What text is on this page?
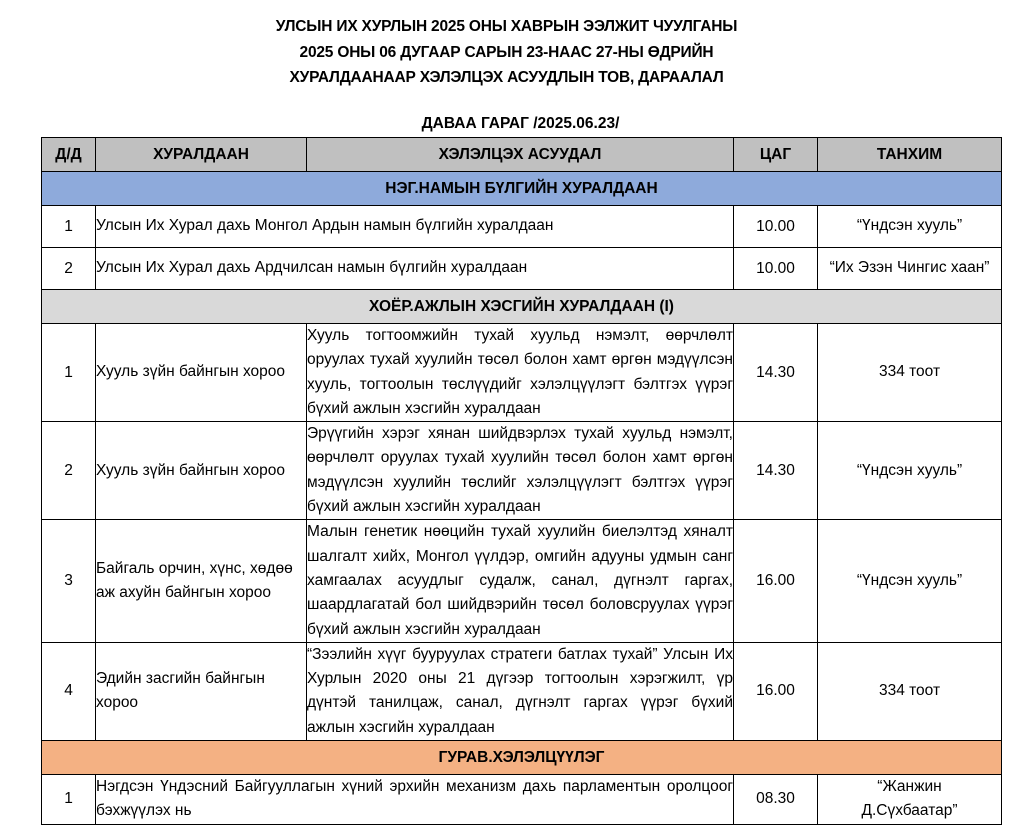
УЛСЫН ИХ ХУРЛЫН 2025 ОНЫ ХАВРЫН ЭЭЛЖИТ ЧУУЛГАНЫ
2025 ОНЫ 06 ДУГААР САРЫН 23-НААС 27-НЫ ӨДРИЙН
ХУРАЛДААНААР ХЭЛЭЛЦЭХ АСУУДЛЫН ТОВ, ДАРААЛАЛ
ДАВАА ГАРАГ /2025.06.23/
Д/Д	ХУРАЛДААН	ХЭЛЭЛЦЭХ АСУУДАЛ	ЦАГ	ТАНХИМ
НЭГ.НАМЫН БҮЛГИЙН ХУРАЛДААН				
1	Улсын Их Хурал дахь Монгол Ардын намын бүлгийн хуралдаан		10.00	“Үндсэн хууль”
2	Улсын Их Хурал дахь Ардчилсан намын бүлгийн хуралдаан		10.00	“Их Эзэн Чингис хаан”
ХОЁР.АЖЛЫН ХЭСГИЙН ХУРАЛДААН (I)				
1	Хууль зүйн байнгын хороо	Хууль тогтоомжийн тухай хуульд нэмэлт, өөрчлөлт оруулах тухай хуулийн төсөл болон хамт өргөн мэдүүлсэн хууль, тогтоолын төслүүдийг хэлэлцүүлэгт бэлтгэх үүрэг бүхий ажлын хэсгийн хуралдаан	14.30	334 тоот
2	Хууль зүйн байнгын хороо	Эрүүгийн хэрэг хянан шийдвэрлэх тухай хуульд нэмэлт, өөрчлөлт оруулах тухай хуулийн төсөл болон хамт өргөн мэдүүлсэн хуулийн төслийг хэлэлцүүлэгт бэлтгэх үүрэг бүхий ажлын хэсгийн хуралдаан	14.30	“Үндсэн хууль”
3	Байгаль орчин, хүнс, хөдөө аж ахуйн байнгын хороо	Малын генетик нөөцийн тухай хуулийн биелэлтэд хяналт шалгалт хийх, Монгол үүлдэр, омгийн адууны удмын санг хамгаалах асуудлыг судалж, санал, дүгнэлт гаргах, шаардлагатай бол шийдвэрийн төсөл боловсруулах үүрэг бүхий ажлын хэсгийн хуралдаан	16.00	“Үндсэн хууль”
4	Эдийн засгийн байнгын хороо	“Зээлийн хүүг бууруулах стратеги батлах тухай” Улсын Их Хурлын 2020 оны 21 дүгээр тогтоолын хэрэгжилт, үр дүнтэй танилцаж, санал, дүгнэлт гаргах үүрэг бүхий ажлын хэсгийн хуралдаан	16.00	334 тоот
ГУРАВ.ХЭЛЭЛЦҮҮЛЭГ				
1	Нэгдсэн Үндэсний Байгууллагын хүний эрхийн механизм дахь парламентын оролцоог бэхжүүлэх нь		08.30	“Жанжин Д.Сүхбаатар”
